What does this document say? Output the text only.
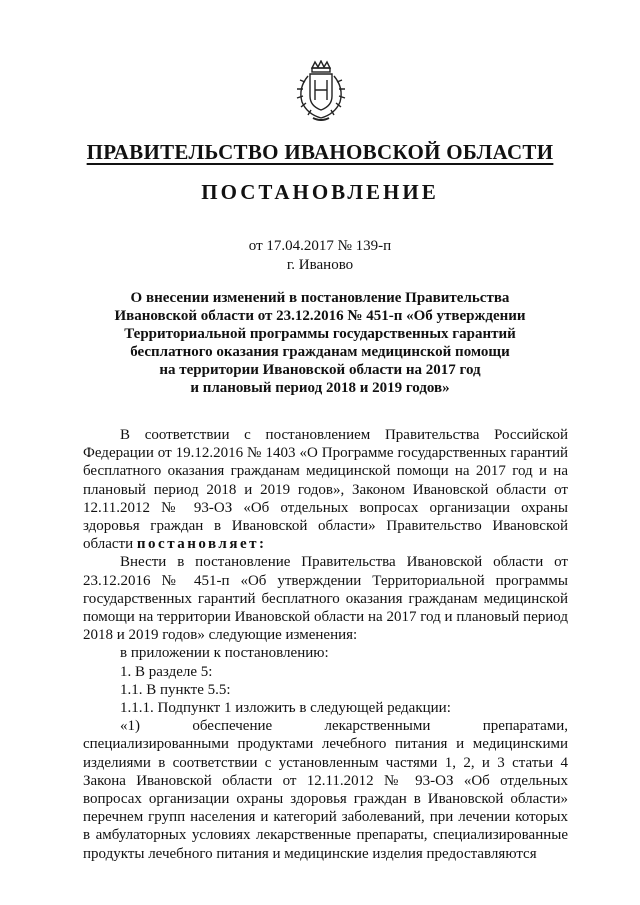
ПРАВИТЕЛЬСТВО ИВАНОВСКОЙ ОБЛАСТИ
ПОСТАНОВЛЕНИЕ
от 17.04.2017 № 139-п
г. Иваново
О внесении изменений в постановление Правительства
Ивановской области от 23.12.2016 № 451-п «Об утверждении
Территориальной программы государственных гарантий
бесплатного оказания гражданам медицинской помощи
на территории Ивановской области на 2017 год
и плановый период 2018 и 2019 годов»

В соответствии с постановлением Правительства Российской Федерации от 19.12.2016 № 1403 «О Программе государственных гарантий бесплатного оказания гражданам медицинской помощи на 2017 год и на плановый период 2018 и 2019 годов», Законом Ивановской области от 12.11.2012 № 93-ОЗ «Об отдельных вопросах организации охраны здоровья граждан в Ивановской области» Правительство Ивановской области постановляет:

Внести в постановление Правительства Ивановской области от 23.12.2016 № 451-п «Об утверждении Территориальной программы государственных гарантий бесплатного оказания гражданам медицинской помощи на территории Ивановской области на 2017 год и плановый период 2018 и 2019 годов» следующие изменения:

в приложении к постановлению:

1. В разделе 5:

1.1. В пункте 5.5:

1.1.1. Подпункт 1 изложить в следующей редакции:

«1) обеспечение лекарственными препаратами, специализированными продуктами лечебного питания и медицинскими изделиями в соответствии с установленным частями 1, 2, и 3 статьи 4 Закона Ивановской области от 12.11.2012 № 93-ОЗ «Об отдельных вопросах организации охраны здоровья граждан в Ивановской области» перечнем групп населения и категорий заболеваний, при лечении которых в амбулаторных условиях лекарственные препараты, специализированные продукты лечебного питания и медицинские изделия предоставляются
